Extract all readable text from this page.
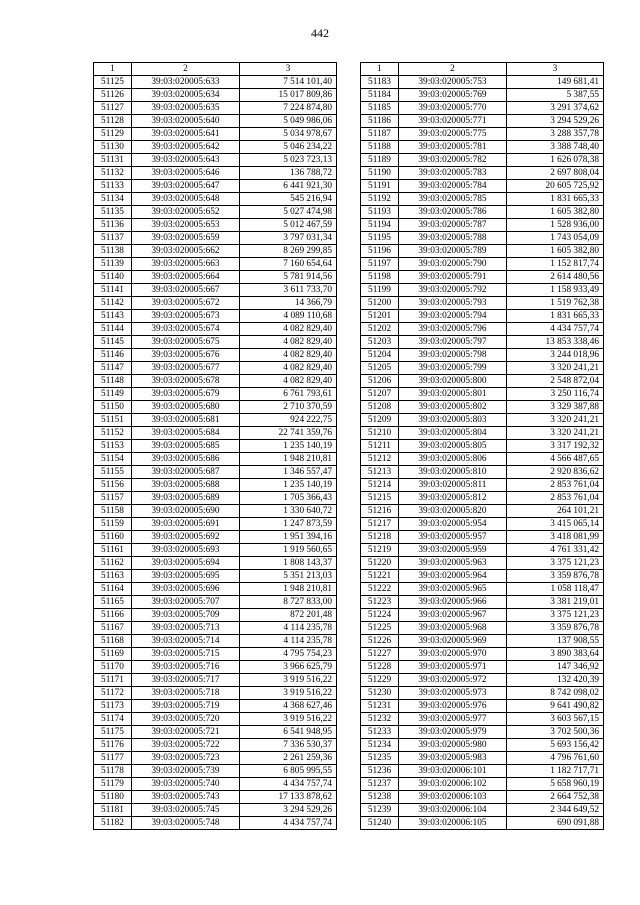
442
1	2	3
51125	39:03:020005:633	7 514 101,40
51126	39:03:020005:634	15 017 809,86
51127	39:03:020005:635	7 224 874,80
51128	39:03:020005:640	5 049 986,06
51129	39:03:020005:641	5 034 978,67
51130	39:03:020005:642	5 046 234,22
51131	39:03:020005:643	5 023 723,13
51132	39:03:020005:646	136 788,72
51133	39:03:020005:647	6 441 921,30
51134	39:03:020005:648	545 216,94
51135	39:03:020005:652	5 027 474,98
51136	39:03:020005:653	5 012 467,59
51137	39:03:020005:659	3 797 031,34
51138	39:03:020005:662	8 269 299,85
51139	39:03:020005:663	7 160 654,64
51140	39:03:020005:664	5 781 914,56
51141	39:03:020005:667	3 611 733,70
51142	39:03:020005:672	14 366,79
51143	39:03:020005:673	4 089 110,68
51144	39:03:020005:674	4 082 829,40
51145	39:03:020005:675	4 082 829,40
51146	39:03:020005:676	4 082 829,40
51147	39:03:020005:677	4 082 829,40
51148	39:03:020005:678	4 082 829,40
51149	39:03:020005:679	6 761 793,61
51150	39:03:020005:680	2 710 370,59
51151	39:03:020005:681	924 222,75
51152	39:03:020005:684	22 741 359,76
51153	39:03:020005:685	1 235 140,19
51154	39:03:020005:686	1 948 210,81
51155	39:03:020005:687	1 346 557,47
51156	39:03:020005:688	1 235 140,19
51157	39:03:020005:689	1 705 366,43
51158	39:03:020005:690	1 330 640,72
51159	39:03:020005:691	1 247 873,59
51160	39:03:020005:692	1 951 394,16
51161	39:03:020005:693	1 919 560,65
51162	39:03:020005:694	1 808 143,37
51163	39:03:020005:695	5 351 213,03
51164	39:03:020005:696	1 948 210,81
51165	39:03:020005:707	8 727 833,00
51166	39:03:020005:709	872 201,48
51167	39:03:020005:713	4 114 235,78
51168	39:03:020005:714	4 114 235,78
51169	39:03:020005:715	4 795 754,23
51170	39:03:020005:716	3 966 625,79
51171	39:03:020005:717	3 919 516,22
51172	39:03:020005:718	3 919 516,22
51173	39:03:020005:719	4 368 627,46
51174	39:03:020005:720	3 919 516,22
51175	39:03:020005:721	6 541 948,95
51176	39:03:020005:722	7 336 530,37
51177	39:03:020005:723	2 261 259,36
51178	39:03:020005:739	6 805 995,55
51179	39:03:020005:740	4 434 757,74
51180	39:03:020005:743	17 133 878,62
51181	39:03:020005:745	3 294 529,26
51182	39:03:020005:748	4 434 757,74
1	2	3
51183	39:03:020005:753	149 681,41
51184	39:03:020005:769	5 387,55
51185	39:03:020005:770	3 291 374,62
51186	39:03:020005:771	3 294 529,26
51187	39:03:020005:775	3 288 357,78
51188	39:03:020005:781	3 388 748,40
51189	39:03:020005:782	1 626 078,38
51190	39:03:020005:783	2 697 808,04
51191	39:03:020005:784	20 605 725,92
51192	39:03:020005:785	1 831 665,33
51193	39:03:020005:786	1 605 382,80
51194	39:03:020005:787	1 528 936,00
51195	39:03:020005:788	1 743 054,09
51196	39:03:020005:789	1 605 382,80
51197	39:03:020005:790	1 152 817,74
51198	39:03:020005:791	2 614 480,56
51199	39:03:020005:792	1 158 933,49
51200	39:03:020005:793	1 519 762,38
51201	39:03:020005:794	1 831 665,33
51202	39:03:020005:796	4 434 757,74
51203	39:03:020005:797	13 853 338,46
51204	39:03:020005:798	3 244 018,96
51205	39:03:020005:799	3 320 241,21
51206	39:03:020005:800	2 548 872,04
51207	39:03:020005:801	3 250 116,74
51208	39:03:020005:802	3 329 387,88
51209	39:03:020005:803	3 320 241,21
51210	39:03:020005:804	3 320 241,21
51211	39:03:020005:805	3 317 192,32
51212	39:03:020005:806	4 566 487,65
51213	39:03:020005:810	2 920 836,62
51214	39:03:020005:811	2 853 761,04
51215	39:03:020005:812	2 853 761,04
51216	39:03:020005:820	264 101,21
51217	39:03:020005:954	3 415 065,14
51218	39:03:020005:957	3 418 081,99
51219	39:03:020005:959	4 761 331,42
51220	39:03:020005:963	3 375 121,23
51221	39:03:020005:964	3 359 876,78
51222	39:03:020005:965	1 058 118,47
51223	39:03:020005:966	3 381 219,01
51224	39:03:020005:967	3 375 121,23
51225	39:03:020005:968	3 359 876,78
51226	39:03:020005:969	137 908,55
51227	39:03:020005:970	3 890 383,64
51228	39:03:020005:971	147 346,92
51229	39:03:020005:972	132 420,39
51230	39:03:020005:973	8 742 098,02
51231	39:03:020005:976	9 641 490,82
51232	39:03:020005:977	3 603 567,15
51233	39:03:020005:979	3 702 500,36
51234	39:03:020005:980	5 693 156,42
51235	39:03:020005:983	4 796 761,60
51236	39:03:020006:101	1 182 717,71
51237	39:03:020006:102	5 658 960,19
51238	39:03:020006:103	2 664 752,38
51239	39:03:020006:104	2 344 649,52
51240	39:03:020006:105	690 091,88
